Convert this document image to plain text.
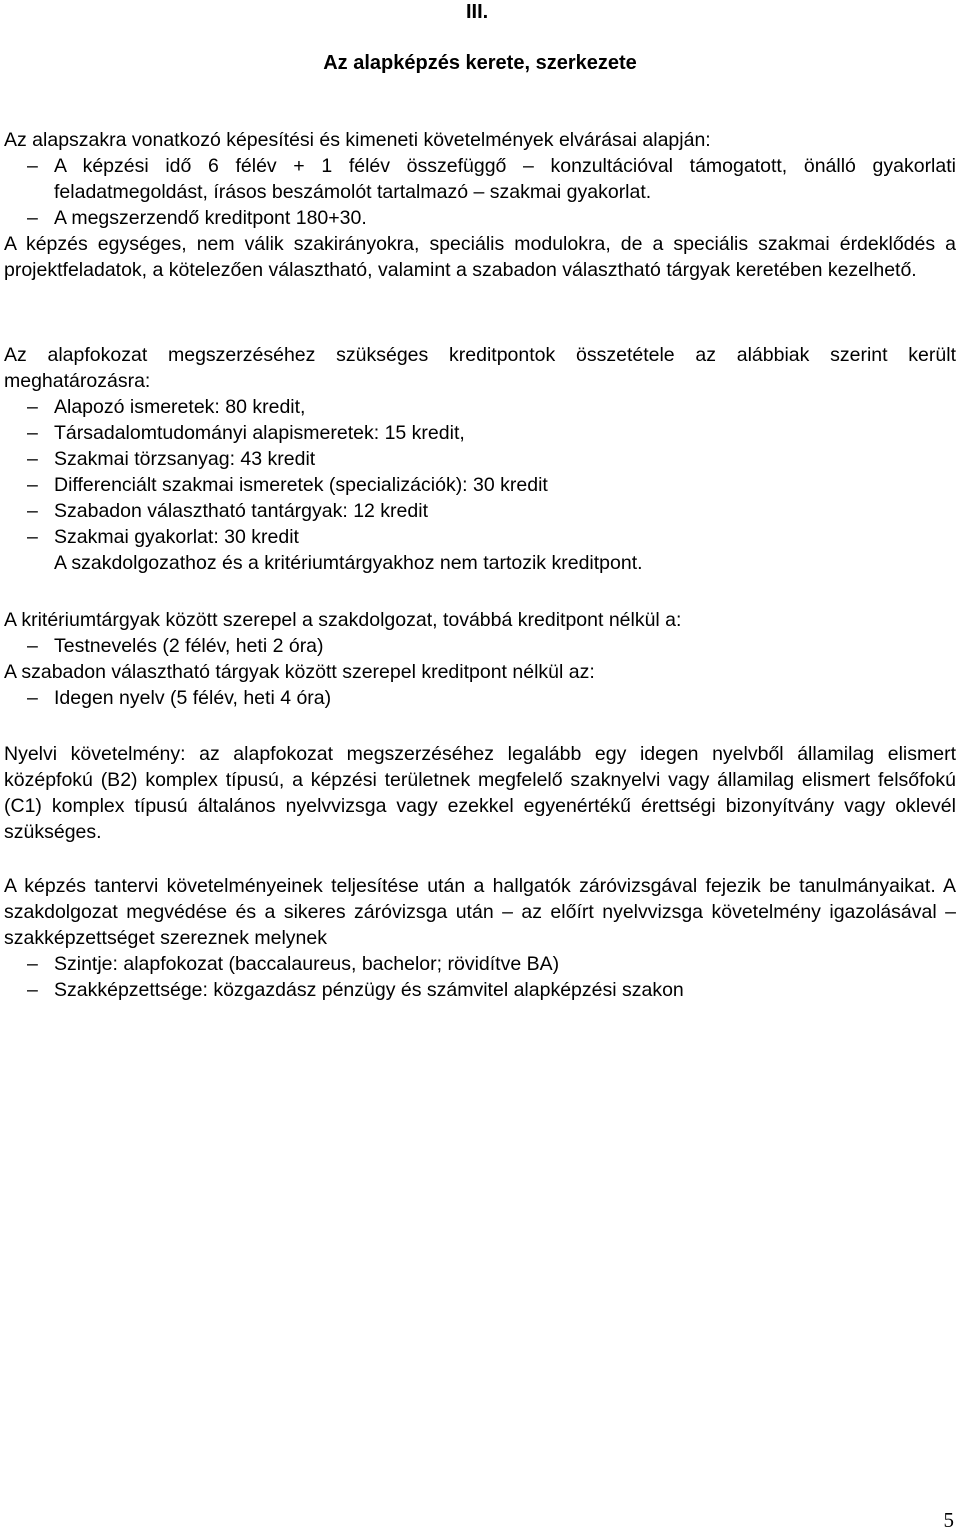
III.
Az alapképzés kerete, szerkezete

Az alapszakra vonatkozó képesítési és kimeneti követelmények elvárásai alapján:

– A képzési idő 6 félév + 1 félév összefüggő – konzultációval támogatott, önálló gyakorlati feladatmegoldást, írásos beszámolót tartalmazó – szakmai gyakorlat.

– A megszerzendő kreditpont 180+30.

A képzés egységes, nem válik szakirányokra, speciális modulokra, de a speciális szakmai érdeklődés a projektfeladatok, a kötelezően választható, valamint a szabadon választható tárgyak keretében kezelhető.

Az alapfokozat megszerzéséhez szükséges kreditpontok összetétele az alábbiak szerint került meghatározásra:

– Alapozó ismeretek: 80 kredit,

– Társadalomtudományi alapismeretek: 15 kredit,

– Szakmai törzsanyag: 43 kredit

– Differenciált szakmai ismeretek (specializációk): 30 kredit

– Szabadon választható tantárgyak: 12 kredit

– Szakmai gyakorlat: 30 kredit

A szakdolgozathoz és a kritériumtárgyakhoz nem tartozik kreditpont.

A kritériumtárgyak között szerepel a szakdolgozat, továbbá kreditpont nélkül a:

– Testnevelés (2 félév, heti 2 óra)

A szabadon választható tárgyak között szerepel kreditpont nélkül az:

– Idegen nyelv (5 félév, heti 4 óra)

Nyelvi követelmény: az alapfokozat megszerzéséhez legalább egy idegen nyelvből államilag elismert középfokú (B2) komplex típusú, a képzési területnek megfelelő szaknyelvi vagy államilag elismert felsőfokú (C1) komplex típusú általános nyelvvizsga vagy ezekkel egyenértékű érettségi bizonyítvány vagy oklevél szükséges.

A képzés tantervi követelményeinek teljesítése után a hallgatók záróvizsgával fejezik be tanulmányaikat. A szakdolgozat megvédése és a sikeres záróvizsga után – az előírt nyelvvizsga követelmény igazolásával – szakképzettséget szereznek melynek

– Szintje: alapfokozat (baccalaureus, bachelor; rövidítve BA)

– Szakképzettsége: közgazdász pénzügy és számvitel alapképzési szakon

5
